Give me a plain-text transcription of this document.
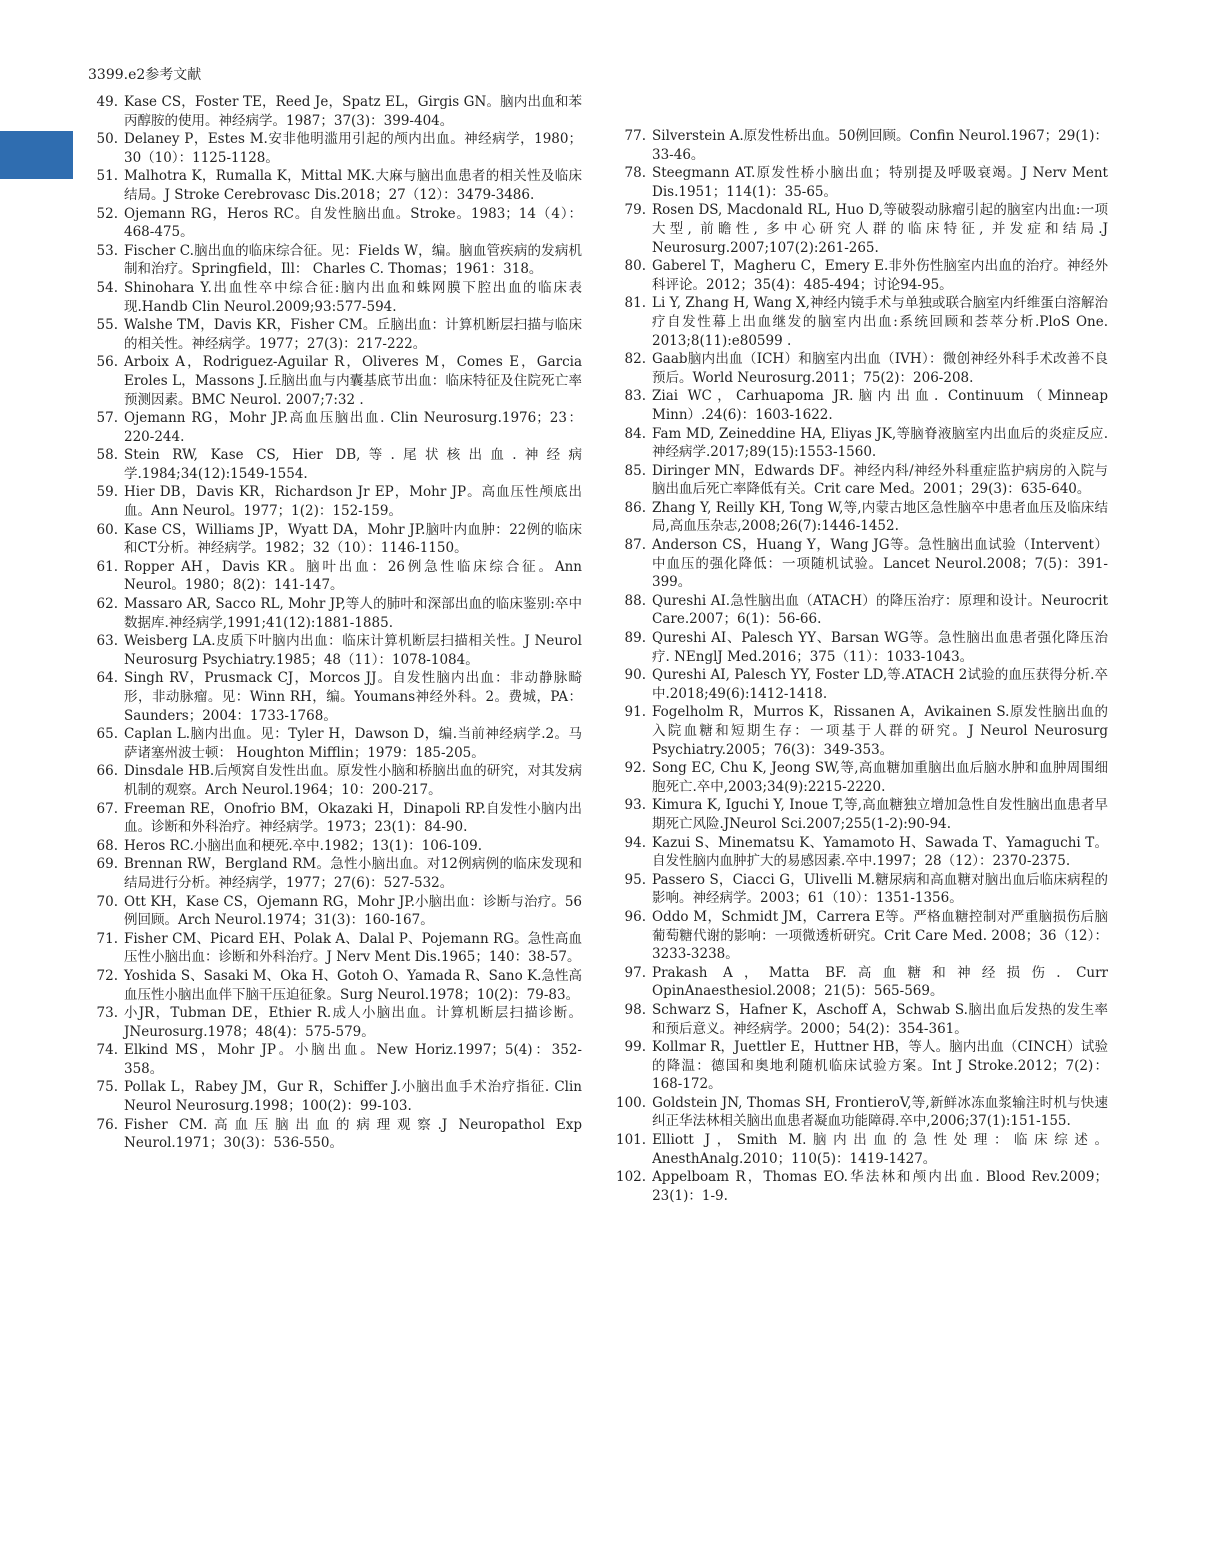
3399.e2参考文献
49. Kase CS，Foster TE，Reed Je，Spatz EL，Girgis GN。脑内出血和苯丙醇胺的使用。神经病学。1987；37(3)：399-404。
50. Delaney P，Estes M.安非他明滥用引起的颅内出血。神经病学，1980；30（10）：1125-1128。
51. Malhotra K，Rumalla K，Mittal MK.大麻与脑出血患者的相关性及临床结局。J Stroke Cerebrovasc Dis.2018；27（12）：3479-3486.
52. Ojemann RG，Heros RC。自发性脑出血。Stroke。1983；14（4）：468-475。
53. Fischer C.脑出血的临床综合征。见：Fields W，编。脑血管疾病的发病机制和治疗。Springfield，Ill： Charles C. Thomas；1961：318。
54. Shinohara Y.出血性卒中综合征:脑内出血和蛛网膜下腔出血的临床表现.Handb Clin Neurol.2009;93:577-594.
55. Walshe TM，Davis KR，Fisher CM。丘脑出血：计算机断层扫描与临床的相关性。神经病学。1977；27(3)：217-222。
56. Arboix A，Rodriguez-Aguilar R，Oliveres M，Comes E，Garcia Eroles L，Massons J.丘脑出血与内囊基底节出血：临床特征及住院死亡率预测因素。BMC Neurol. 2007;7:32 .
57. Ojemann RG，Mohr JP.高血压脑出血. Clin Neurosurg.1976；23：220-244.
58. Stein RW, Kase CS, Hier DB,等.尾状核出血.神经病学.1984;34(12):1549-1554.
59. Hier DB，Davis KR，Richardson Jr EP，Mohr JP。高血压性颅底出血。Ann Neurol。1977；1(2)：152-159。
60. Kase CS，Williams JP，Wyatt DA，Mohr JP.脑叶内血肿：22例的临床和CT分析。神经病学。1982；32（10）：1146-1150。
61. Ropper AH，Davis KR。脑叶出血：26例急性临床综合征。Ann Neurol。1980；8(2)：141-147。
62. Massaro AR, Sacco RL, Mohr JP,等人的肺叶和深部出血的临床鉴别:卒中数据库.神经病学,1991;41(12):1881-1885.
63. Weisberg LA.皮质下叶脑内出血：临床计算机断层扫描相关性。J Neurol Neurosurg Psychiatry.1985；48（11）：1078-1084。
64. Singh RV，Prusmack CJ，Morcos JJ。自发性脑内出血：非动静脉畸形，非动脉瘤。见：Winn RH，编。Youmans神经外科。2。费城，PA：Saunders；2004：1733-1768。
65. Caplan L.脑内出血。见：Tyler H，Dawson D，编.当前神经病学.2。马萨诸塞州波士顿： Houghton Mifflin；1979：185-205。
66. Dinsdale HB.后颅窝自发性出血。原发性小脑和桥脑出血的研究，对其发病机制的观察。Arch Neurol.1964；10：200-217。
67. Freeman RE，Onofrio BM，Okazaki H，Dinapoli RP.自发性小脑内出血。诊断和外科治疗。神经病学。1973；23(1)：84-90.
68. Heros RC.小脑出血和梗死.卒中.1982；13(1)：106-109.
69. Brennan RW，Bergland RM。急性小脑出血。对12例病例的临床发现和结局进行分析。神经病学，1977；27(6)：527-532。
70. Ott KH，Kase CS，Ojemann RG，Mohr JP.小脑出血：诊断与治疗。56例回顾。Arch Neurol.1974；31(3)：160-167。
71. Fisher CM、Picard EH、Polak A、Dalal P、Pojemann RG。急性高血压性小脑出血：诊断和外科治疗。J Nerv Ment Dis.1965；140：38-57。
72. Yoshida S、Sasaki M、Oka H、Gotoh O、Yamada R、Sano K.急性高血压性小脑出血伴下脑干压迫征象。Surg Neurol.1978；10(2)：79-83。
73. 小JR，Tubman DE，Ethier R.成人小脑出血。计算机断层扫描诊断。JNeurosurg.1978；48(4)：575-579。
74. Elkind MS，Mohr JP。小脑出血。New Horiz.1997；5(4)：352-358。
75. Pollak L，Rabey JM，Gur R，Schiffer J.小脑出血手术治疗指征. Clin Neurol Neurosurg.1998；100(2)：99-103.
76. Fisher CM.高血压脑出血的病理观察.J Neuropathol Exp Neurol.1971；30(3)：536-550。
77. Silverstein A.原发性桥出血。50例回顾。Confin Neurol.1967；29(1)：33-46。
78. Steegmann AT.原发性桥小脑出血；特别提及呼吸衰竭。J Nerv Ment Dis.1951；114(1)：35-65。
79. Rosen DS, Macdonald RL, Huo D,等破裂动脉瘤引起的脑室内出血:一项大型, 前瞻性, 多中心研究人群的临床特征, 并发症和结局.J Neurosurg.2007;107(2):261-265.
80. Gaberel T，Magheru C，Emery E.非外伤性脑室内出血的治疗。神经外科评论。2012；35(4)：485-494；讨论94-95。
81. Li Y, Zhang H, Wang X,神经内镜手术与单独或联合脑室内纤维蛋白溶解治疗自发性幕上出血继发的脑室内出血:系统回顾和荟萃分析.PloS One. 2013;8(11):e80599 .
82. Gaab脑内出血（ICH）和脑室内出血（IVH）：微创神经外科手术改善不良预后。World Neurosurg.2011；75(2)：206-208.
83. Ziai WC，Carhuapoma JR.脑内出血. Continuum（Minneap Minn）.24(6)：1603-1622.
84. Fam MD, Zeineddine HA, Eliyas JK,等脑脊液脑室内出血后的炎症反应.神经病学.2017;89(15):1553-1560.
85. Diringer MN，Edwards DF。神经内科/神经外科重症监护病房的入院与脑出血后死亡率降低有关。Crit care Med。2001；29(3)：635-640。
86. Zhang Y, Reilly KH, Tong W,等,内蒙古地区急性脑卒中患者血压及临床结局,高血压杂志,2008;26(7):1446-1452.
87. Anderson CS，Huang Y，Wang JG等。急性脑出血试验（Intervent）中血压的强化降低：一项随机试验。Lancet Neurol.2008；7(5)：391-399。
88. Qureshi AI.急性脑出血（ATACH）的降压治疗：原理和设计。Neurocrit Care.2007；6(1)：56-66.
89. Qureshi AI、Palesch YY、Barsan WG等。急性脑出血患者强化降压治疗. NEnglJ Med.2016；375（11）：1033-1043。
90. Qureshi AI, Palesch YY, Foster LD,等.ATACH 2试验的血压获得分析.卒中.2018;49(6):1412-1418.
91. Fogelholm R，Murros K，Rissanen A，Avikainen S.原发性脑出血的入院血糖和短期生存：一项基于人群的研究。J Neurol Neurosurg Psychiatry.2005；76(3)：349-353。
92. Song EC, Chu K, Jeong SW,等,高血糖加重脑出血后脑水肿和血肿周围细胞死亡.卒中,2003;34(9):2215-2220.
93. Kimura K, Iguchi Y, Inoue T,等,高血糖独立增加急性自发性脑出血患者早期死亡风险.JNeurol Sci.2007;255(1-2):90-94.
94. Kazui S、Minematsu K、Yamamoto H、Sawada T、Yamaguchi T。自发性脑内血肿扩大的易感因素.卒中.1997；28（12）：2370-2375.
95. Passero S，Ciacci G，Ulivelli M.糖尿病和高血糖对脑出血后临床病程的影响。神经病学。2003；61（10）：1351-1356。
96. Oddo M，Schmidt JM，Carrera E等。严格血糖控制对严重脑损伤后脑葡萄糖代谢的影响：一项微透析研究。Crit Care Med. 2008；36（12）：3233-3238。
97. Prakash A，Matta BF.高血糖和神经损伤. Curr OpinAnaesthesiol.2008；21(5)：565-569。
98. Schwarz S，Hafner K，Aschoff A，Schwab S.脑出血后发热的发生率和预后意义。神经病学。2000；54(2)：354-361。
99. Kollmar R，Juettler E，Huttner HB，等人。脑内出血（CINCH）试验的降温：德国和奥地利随机临床试验方案。Int J Stroke.2012；7(2)：168-172。
100. Goldstein JN, Thomas SH, FrontieroV,等,新鲜冰冻血浆输注时机与快速纠正华法林相关脑出血患者凝血功能障碍.卒中,2006;37(1):151-155.
101. Elliott J，Smith M.脑内出血的急性处理：临床综述。AnesthAnalg.2010；110(5)：1419-1427。
102. Appelboam R，Thomas EO.华法林和颅内出血. Blood Rev.2009；23(1)：1-9.
